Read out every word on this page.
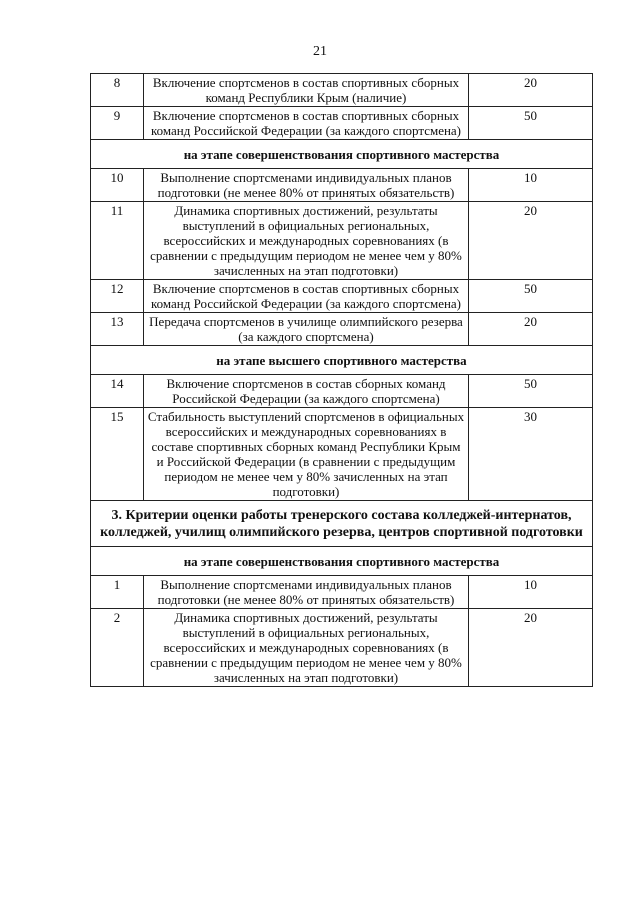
21
8	Включение спортсменов в состав спортивных сборных команд Республики Крым (наличие)	20
9	Включение спортсменов в состав спортивных сборных команд Российской Федерации (за каждого спортсмена)	50
на этапе совершенствования спортивного мастерства		
10	Выполнение спортсменами индивидуальных планов подготовки (не менее 80% от принятых обязательств)	10
11	Динамика спортивных достижений, результаты выступлений в официальных региональных, всероссийских и международных соревнованиях (в сравнении с предыдущим периодом не менее чем у 80% зачисленных на этап подготовки)	20
12	Включение спортсменов в состав спортивных сборных команд Российской Федерации (за каждого спортсмена)	50
13	Передача спортсменов в училище олимпийского резерва (за каждого спортсмена)	20
на этапе высшего спортивного мастерства		
14	Включение спортсменов в состав сборных команд Российской Федерации (за каждого спортсмена)	50
15	Стабильность выступлений спортсменов в официальных всероссийских и международных соревнованиях в составе спортивных сборных команд Республики Крым и Российской Федерации (в сравнении с предыдущим периодом не менее чем у 80% зачисленных на этап подготовки)	30
3. Критерии оценки работы тренерского состава колледжей-интернатов, колледжей, училищ олимпийского резерва, центров спортивной подготовки		
на этапе совершенствования спортивного мастерства		
1	Выполнение спортсменами индивидуальных планов подготовки (не менее 80% от принятых обязательств)	10
2	Динамика спортивных достижений, результаты выступлений в официальных региональных, всероссийских и международных соревнованиях (в сравнении с предыдущим периодом не менее чем у 80% зачисленных на этап подготовки)	20
